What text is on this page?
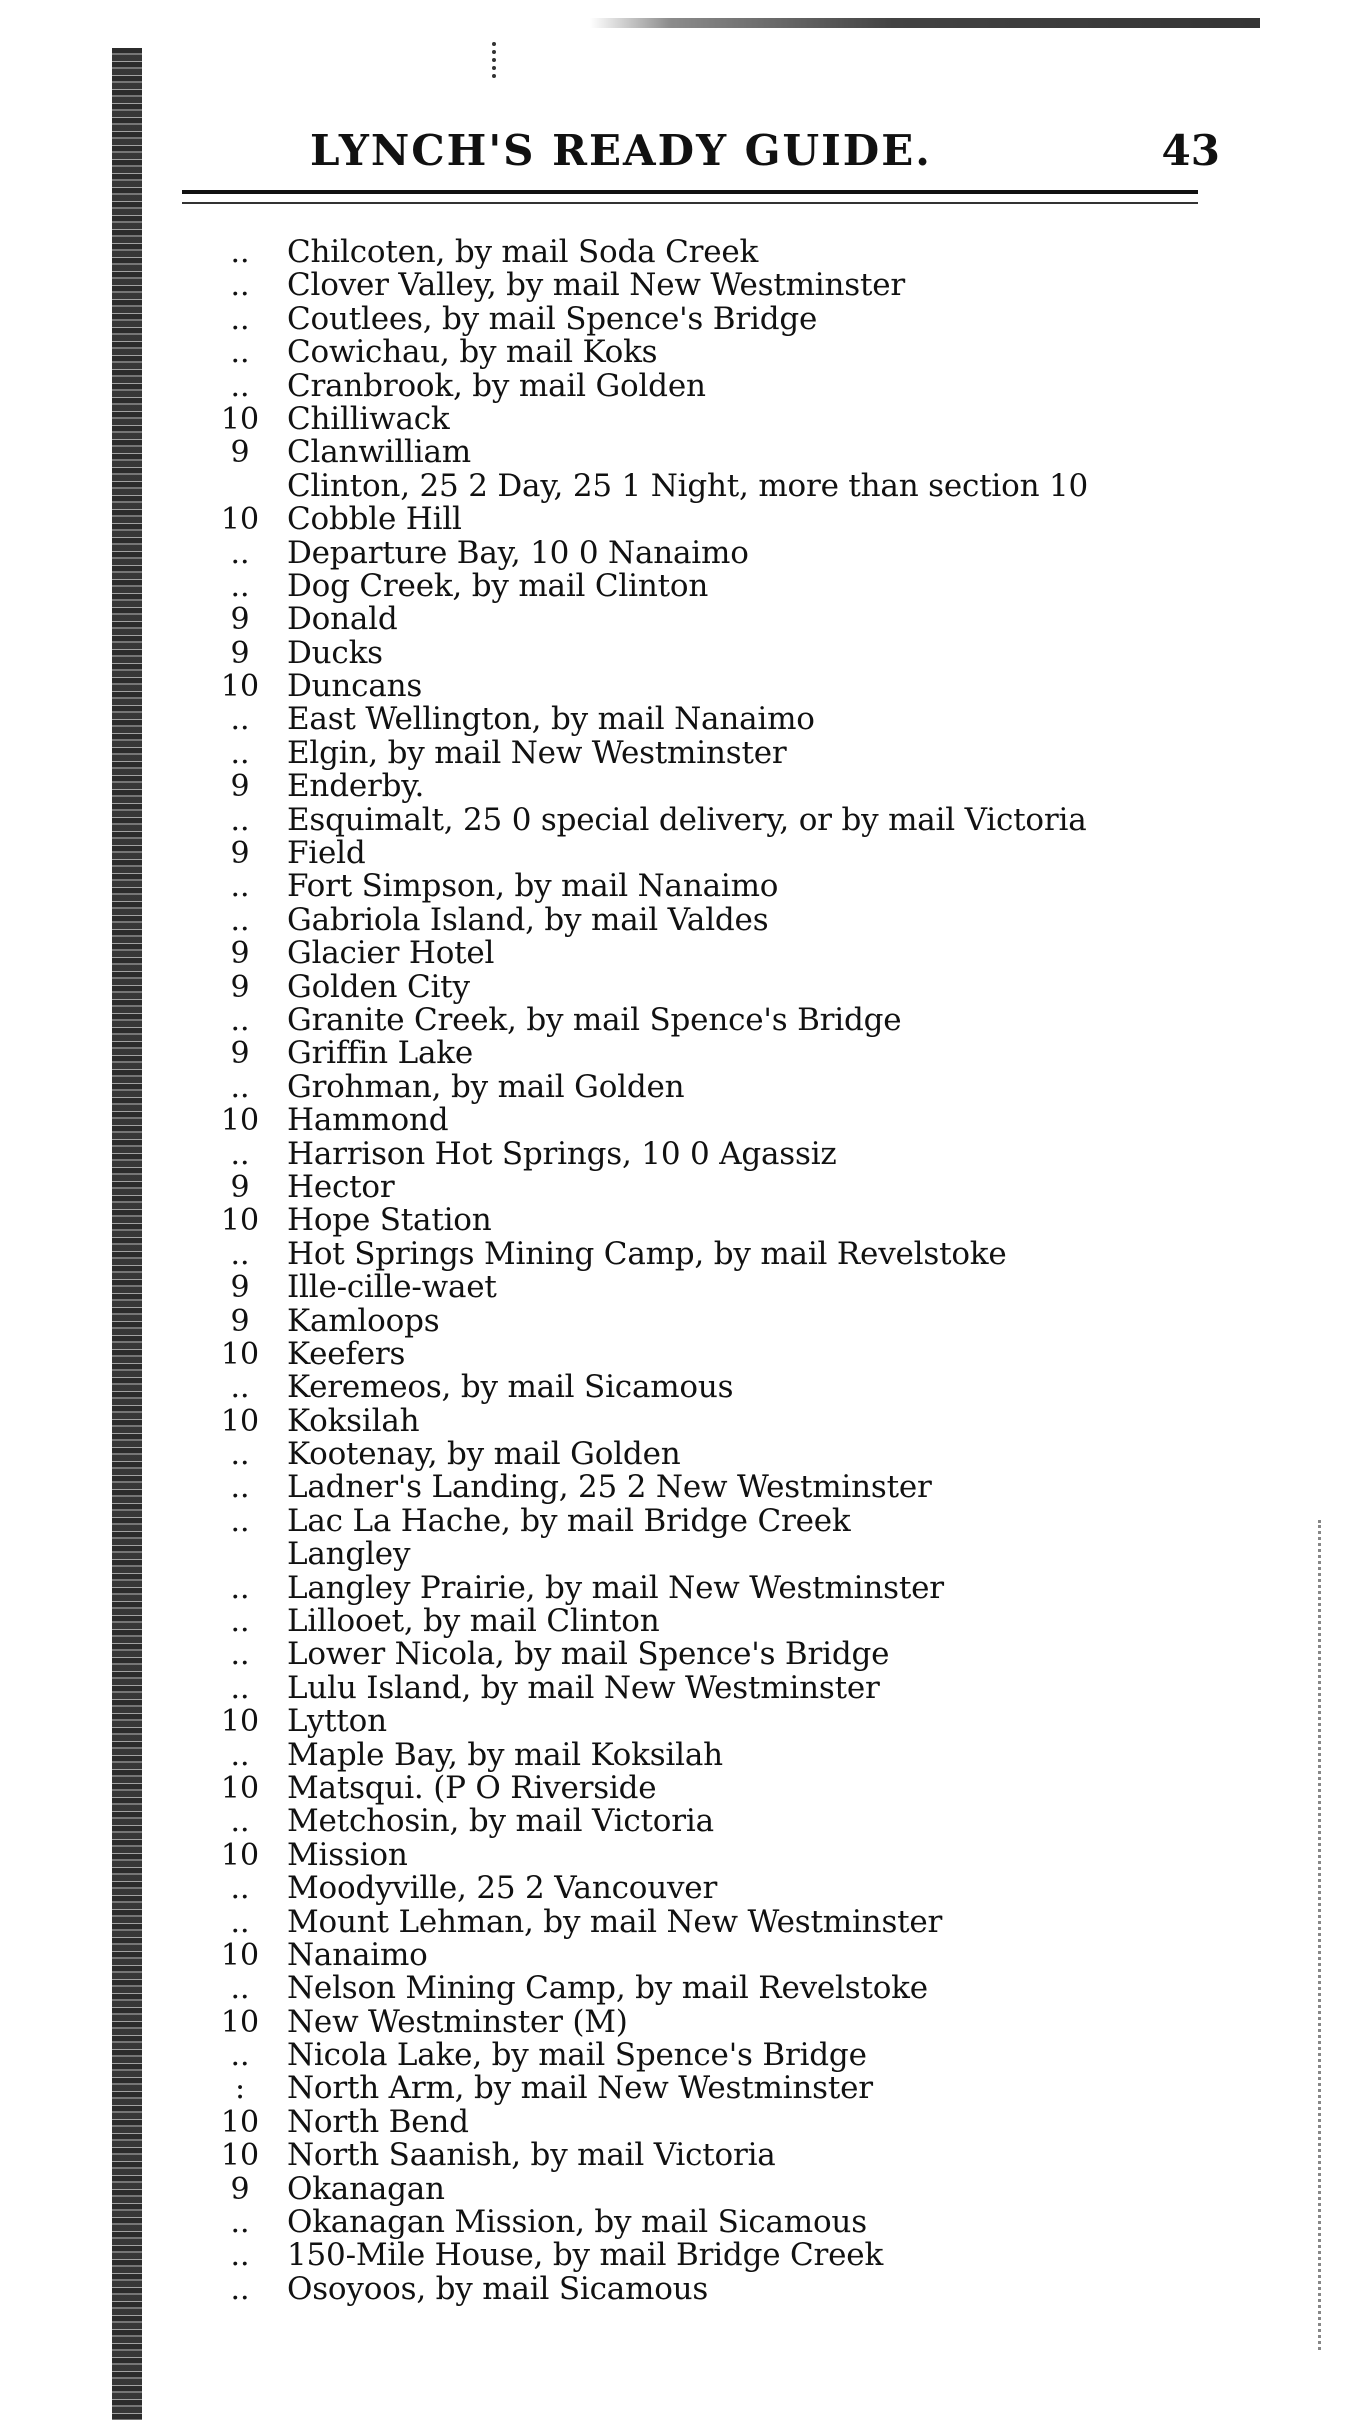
LYNCH'S READY GUIDE.	43
..	Chilcoten, by mail Soda Creek
..	Clover Valley, by mail New Westminster
..	Coutlees, by mail Spence's Bridge
..	Cowichau, by mail Koks
..	Cranbrook, by mail Golden
10 Chilliwack
9	Clanwilliam
Clinton, 25 2 Day, 25 1 Night, more than section 10
10 Cobble Hill
..	Departure Bay, 10 0 Nanaimo
..	Dog Creek, by mail Clinton
9	Donald
9	Ducks
10 Duncans
..	East Wellington, by mail Nanaimo
..	Elgin, by mail New Westminster
9	Enderby.
..	Esquimalt, 25 0 special delivery, or by mail Victoria
9	Field
..	Fort Simpson, by mail Nanaimo
..	Gabriola Island, by mail Valdes
9	Glacier Hotel
9	Golden City
..	Granite Creek, by mail Spence's Bridge
9	Griffin Lake
..	Grohman, by mail Golden
10 Hammond
..	Harrison Hot Springs, 10 0 Agassiz
9	Hector
10 Hope Station
..	Hot Springs Mining Camp, by mail Revelstoke
9	Ille-cille-waet
9	Kamloops
10 Keefers
..	Keremeos, by mail Sicamous
10 Koksilah
..	Kootenay, by mail Golden
..	Ladner's Landing, 25 2 New Westminster
..	Lac La Hache, by mail Bridge Creek
Langley
..	Langley Prairie, by mail New Westminster
..	Lillooet, by mail Clinton
..	Lower Nicola, by mail Spence's Bridge
..	Lulu Island, by mail New Westminster
10 Lytton
..	Maple Bay, by mail Koksilah
10 Matsqui. (P O Riverside
..	Metchosin, by mail Victoria
10 Mission
..	Moodyville, 25 2 Vancouver
..	Mount Lehman, by mail New Westminster
10 Nanaimo
..	Nelson Mining Camp, by mail Revelstoke
10 New Westminster (M)
..	Nicola Lake, by mail Spence's Bridge
:	North Arm, by mail New Westminster
10 North Bend
10 North Saanish, by mail Victoria
9	Okanagan
..	Okanagan Mission, by mail Sicamous
..	150-Mile House, by mail Bridge Creek
..	Osoyoos, by mail Sicamous
